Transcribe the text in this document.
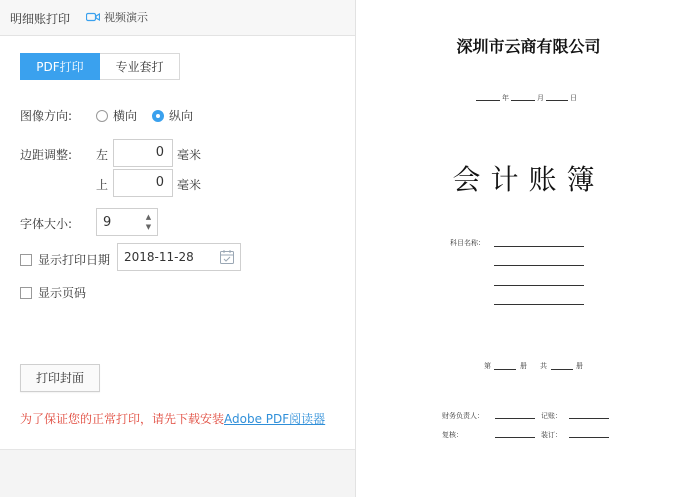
明细账打印	视频演示
PDF打印	专业套打
图像方向:	横向	纵向
边距调整: 左	0	毫米
上	0	毫米
字体大小: 9	▲
▼
显示打印日期 2018-11-28
显示页码
打印封面
为了保证您的正常打印，请先下载安装Adobe PDF阅读器
深圳市云商有限公司
年	月	日
会计账簿
科目名称：
第	册 共	册
财务负责人：	记账：
复核：	装订：
